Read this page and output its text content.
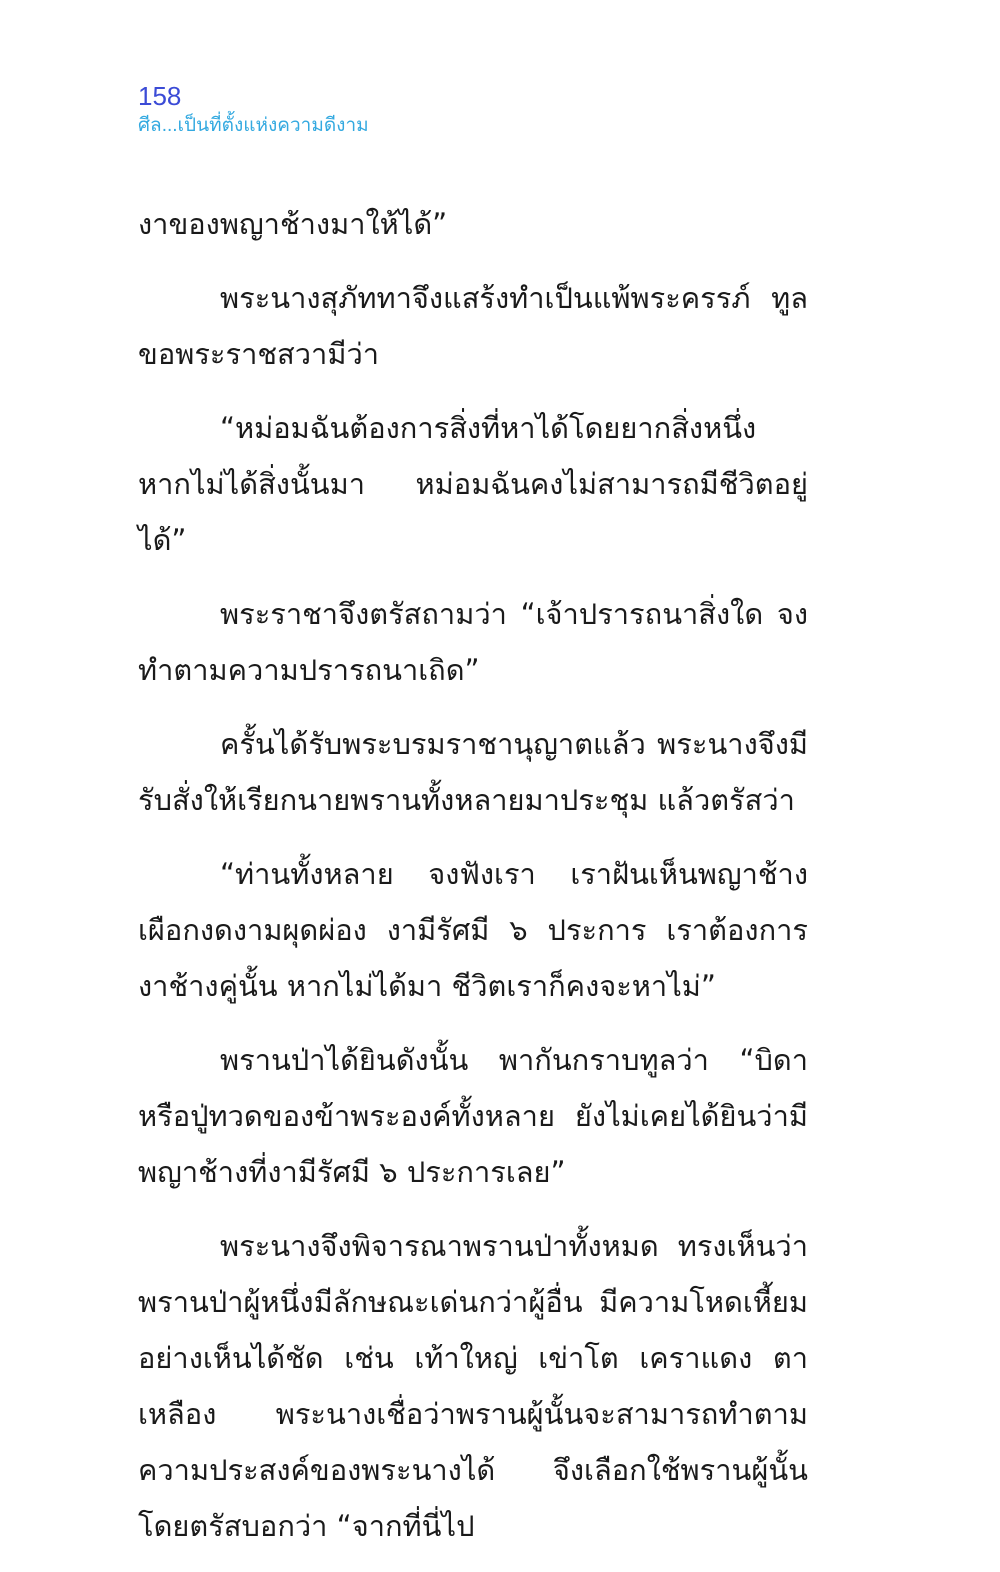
158
ศีล...เป็นที่ตั้งแห่งความดีงาม

งาของพญาช้างมาให้ได้”

พระนางสุภัททาจึงแสร้งทำเป็นแพ้พระครรภ์ ทูลขอพระราชสวามีว่า

“หม่อมฉันต้องการสิ่งที่หาได้โดยยากสิ่งหนึ่ง หากไม่ได้สิ่งนั้นมา หม่อมฉันคงไม่สามารถมีชีวิตอยู่ได้”

พระราชาจึงตรัสถามว่า “เจ้าปรารถนาสิ่งใด จงทำตามความปรารถนาเถิด”

ครั้นได้รับพระบรมราชานุญาตแล้ว พระนางจึงมีรับสั่งให้เรียกนายพรานทั้งหลายมาประชุม แล้วตรัสว่า

“ท่านทั้งหลาย จงฟังเรา เราฝันเห็นพญาช้างเผือกงดงามผุดผ่อง งามีรัศมี ๖ ประการ เราต้องการงาช้างคู่นั้น หากไม่ได้มา ชีวิตเราก็คงจะหาไม่”

พรานป่าได้ยินดังนั้น พากันกราบทูลว่า “บิดาหรือปู่ทวดของข้าพระองค์ทั้งหลาย ยังไม่เคยได้ยินว่ามีพญาช้างที่งามีรัศมี ๖ ประการเลย”

พระนางจึงพิจารณาพรานป่าทั้งหมด ทรงเห็นว่าพรานป่าผู้หนึ่งมีลักษณะเด่นกว่าผู้อื่น มีความโหดเหี้ยมอย่างเห็นได้ชัด เช่น เท้าใหญ่ เข่าโต เคราแดง ตาเหลือง พระนางเชื่อว่าพรานผู้นั้นจะสามารถทำตามความประสงค์ของพระนางได้ จึงเลือกใช้พรานผู้นั้น โดยตรัสบอกว่า “จากที่นี่ไป
